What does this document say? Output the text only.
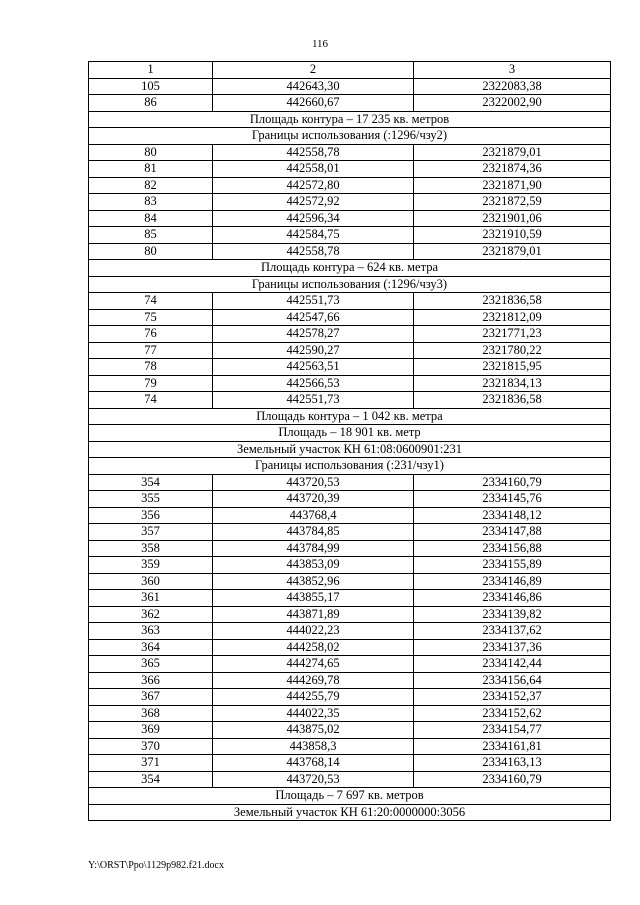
116
1	2	3
105	442643,30	2322083,38
86	442660,67	2322002,90
Площадь контура – 17 235 кв. метров		
Границы использования (:1296/чзу2)		
80	442558,78	2321879,01
81	442558,01	2321874,36
82	442572,80	2321871,90
83	442572,92	2321872,59
84	442596,34	2321901,06
85	442584,75	2321910,59
80	442558,78	2321879,01
Площадь контура – 624 кв. метра		
Границы использования (:1296/чзу3)		
74	442551,73	2321836,58
75	442547,66	2321812,09
76	442578,27	2321771,23
77	442590,27	2321780,22
78	442563,51	2321815,95
79	442566,53	2321834,13
74	442551,73	2321836,58
Площадь контура – 1 042 кв. метра		
Площадь – 18 901 кв. метр		
Земельный участок КН 61:08:0600901:231		
Границы использования (:231/чзу1)		
354	443720,53	2334160,79
355	443720,39	2334145,76
356	443768,4	2334148,12
357	443784,85	2334147,88
358	443784,99	2334156,88
359	443853,09	2334155,89
360	443852,96	2334146,89
361	443855,17	2334146,86
362	443871,89	2334139,82
363	444022,23	2334137,62
364	444258,02	2334137,36
365	444274,65	2334142,44
366	444269,78	2334156,64
367	444255,79	2334152,37
368	444022,35	2334152,62
369	443875,02	2334154,77
370	443858,3	2334161,81
371	443768,14	2334163,13
354	443720,53	2334160,79
Площадь – 7 697 кв. метров		
Земельный участок КН 61:20:0000000:3056		
Y:\ORST\Ppo\1129p982.f21.docx
